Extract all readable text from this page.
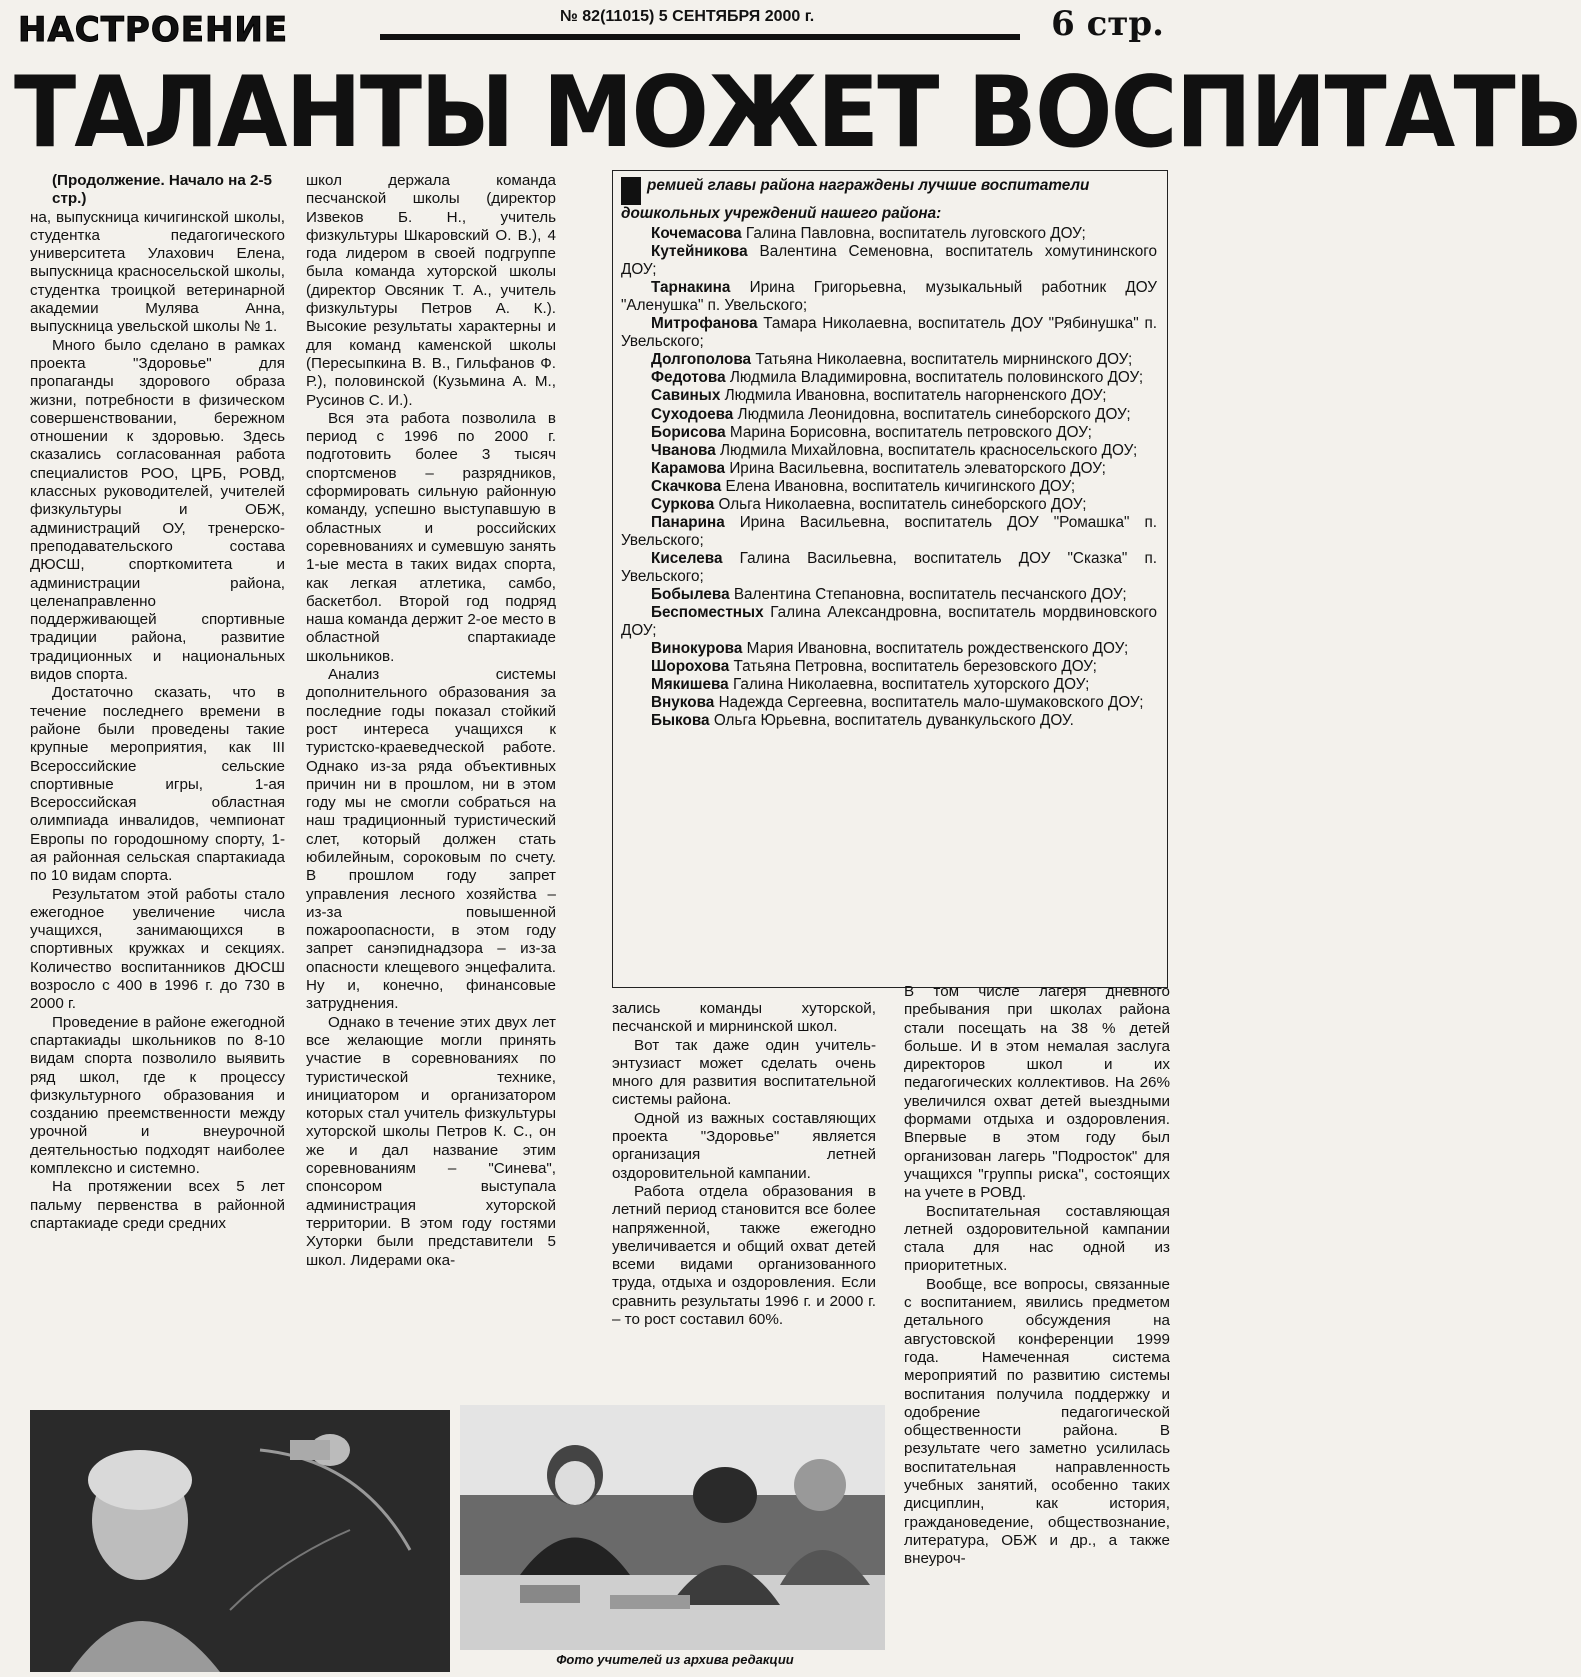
НАСТРОЕНИЕ	№ 82(11015) 5 СЕНТЯБРЯ 2000 г.	6 стр.
ТАЛАНТЫ МОЖЕТ ВОСПИТАТЬ

(Продолжение. Начало на 2-5 стр.)

на, выпускница кичигинской школы, студентка педагогического университета Улахович Елена, выпускница красносельской школы, студентка троицкой ветеринарной академии Мулява Анна, выпускница увельской школы № 1.

Много было сделано в рамках проекта "Здоровье" для пропаганды здорового образа жизни, потребности в физическом совершенствовании, бережном отношении к здоровью. Здесь сказались согласованная работа специалистов РОО, ЦРБ, РОВД, классных руководителей, учителей физкультуры и ОБЖ, администраций ОУ, тренерско-преподавательского состава ДЮСШ, спорткомитета и администрации района, целенаправленно поддерживающей спортивные традиции района, развитие традиционных и национальных видов спорта.

Достаточно сказать, что в течение последнего времени в районе были проведены такие крупные мероприятия, как III Всероссийские сельские спортивные игры, 1-ая Всероссийская областная олимпиада инвалидов, чемпионат Европы по городошному спорту, 1-ая районная сельская спартакиада по 10 видам спорта.

Результатом этой работы стало ежегодное увеличение числа учащихся, занимающихся в спортивных кружках и секциях. Количество воспитанников ДЮСШ возросло с 400 в 1996 г. до 730 в 2000 г.

Проведение в районе ежегодной спартакиады школьников по 8-10 видам спорта позволило выявить ряд школ, где к процессу физкультурного образования и созданию преемственности между урочной и внеурочной деятельностью подходят наиболее комплексно и системно.

На протяжении всех 5 лет пальму первенства в районной спартакиаде среди средних

школ держала команда песчанской школы (директор Извеков Б. Н., учитель физкультуры Шкаровский О. В.), 4 года лидером в своей подгруппе была команда хуторской школы (директор Овсяник Т. А., учитель физкультуры Петров А. К.). Высокие результаты характерны и для команд каменской школы (Пересыпкина В. В., Гильфанов Ф. Р.), половинской (Кузьмина А. М., Русинов С. И.).

Вся эта работа позволила в период с 1996 по 2000 г. подготовить более 3 тысяч спортсменов – разрядников, сформировать сильную районную команду, успешно выступавшую в областных и российских соревнованиях и сумевшую занять 1-ые места в таких видах спорта, как легкая атлетика, самбо, баскетбол. Второй год подряд наша команда держит 2-ое место в областной спартакиаде школьников.

Анализ системы дополнительного образования за последние годы показал стойкий рост интереса учащихся к туристско-краеведческой работе. Однако из-за ряда объективных причин ни в прошлом, ни в этом году мы не смогли собраться на наш традиционный туристический слет, который должен стать юбилейным, сороковым по счету. В прошлом году запрет управления лесного хозяйства – из-за повышенной пожароопасности, в этом году запрет санэпиднадзора – из-за опасности клещевого энцефалита. Ну и, конечно, финансовые затруднения.

Однако в течение этих двух лет все желающие могли принять участие в соревнованиях по туристической технике, инициатором и организатором которых стал учитель физкультуры хуторской школы Петров К. С., он же и дал название этим соревнованиям – "Синева", спонсором выступала администрация хуторской территории. В этом году гостями Хуторки были представители 5 школ. Лидерами ока-

ремией главы района награждены лучшие воспитатели дошкольных учреждений нашего района:

Кочемасова Галина Павловна, воспитатель луговского ДОУ;

Кутейникова Валентина Семеновна, воспитатель хомутининского ДОУ;

Тарнакина Ирина Григорьевна, музыкальный работник ДОУ "Аленушка" п. Увельского;

Митрофанова Тамара Николаевна, воспитатель ДОУ "Рябинушка" п. Увельского;

Долгополова Татьяна Николаевна, воспитатель мирнинского ДОУ;

Федотова Людмила Владимировна, воспитатель половинского ДОУ;

Савиных Людмила Ивановна, воспитатель нагорненского ДОУ;

Суходоева Людмила Леонидовна, воспитатель синеборского ДОУ;

Борисова Марина Борисовна, воспитатель петровского ДОУ;

Чванова Людмила Михайловна, воспитатель красносельского ДОУ;

Карамова Ирина Васильевна, воспитатель элеваторского ДОУ;

Скачкова Елена Ивановна, воспитатель кичигинского ДОУ;

Суркова Ольга Николаевна, воспитатель синеборского ДОУ;

Панарина Ирина Васильевна, воспитатель ДОУ "Ромашка" п. Увельского;

Киселева Галина Васильевна, воспитатель ДОУ "Сказка" п. Увельского;

Бобылева Валентина Степановна, воспитатель песчанского ДОУ;

Беспоместных Галина Александровна, воспитатель мордвиновского ДОУ;

Винокурова Мария Ивановна, воспитатель рождественского ДОУ;

Шорохова Татьяна Петровна, воспитатель березовского ДОУ;

Мякишева Галина Николаевна, воспитатель хуторского ДОУ;

Внукова Надежда Сергеевна, воспитатель мало-шумаковского ДОУ;

Быкова Ольга Юрьевна, воспитатель дуванкульского ДОУ.

зались команды хуторской, песчанской и мирнинской школ.

Вот так даже один учитель-энтузиаст может сделать очень много для развития воспитательной системы района.

Одной из важных составляющих проекта "Здоровье" является организация летней оздоровительной кампании.

Работа отдела образования в летний период становится все более напряженной, также ежегодно увеличивается и общий охват детей всеми видами организованного труда, отдыха и оздоровления. Если сравнить результаты 1996 г. и 2000 г. – то рост составил 60%.

В том числе лагеря дневного пребывания при школах района стали посещать на 38 % детей больше. И в этом немалая заслуга директоров школ и их педагогических коллективов. На 26% увеличился охват детей выездными формами отдыха и оздоровления. Впервые в этом году был организован лагерь "Подросток" для учащихся "группы риска", состоящих на учете в РОВД.

Воспитательная составляющая летней оздоровительной кампании стала для нас одной из приоритетных.

Вообще, все вопросы, связанные с воспитанием, явились предметом детального обсуждения на августовской конференции 1999 года. Намеченная система мероприятий по развитию системы воспитания получила поддержку и одобрение педагогической общественности района. В результате чего заметно усилилась воспитательная направленность учебных занятий, особенно таких дисциплин, как история, граждановедение, обществознание, литература, ОБЖ и др., а также внеуроч-

Фото учителей из архива редакции
